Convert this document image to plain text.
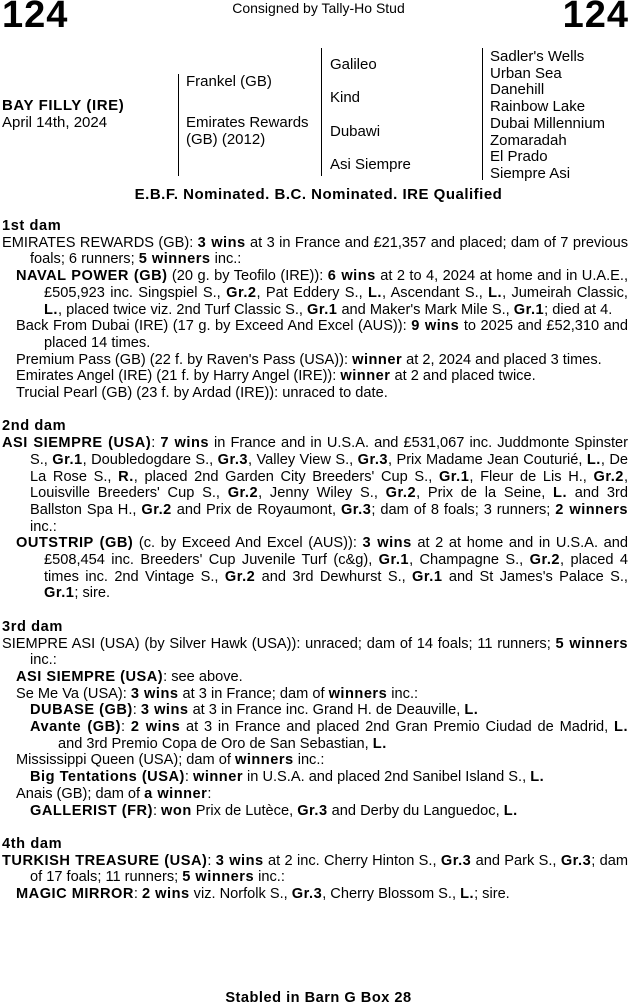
124	Consigned by Tally-Ho Stud	124
BAY FILLY (IRE)
April 14th, 2024
Frankel (GB)
Emirates Rewards (GB) (2012)
Galileo
Kind
Dubawi
Asi Siempre
Sadler's Wells
Urban Sea
Danehill
Rainbow Lake
Dubai Millennium
Zomaradah
El Prado
Siempre Asi
E.B.F. Nominated. B.C. Nominated. IRE Qualified
1st dam
EMIRATES REWARDS (GB): 3 wins at 3 in France and £21,357 and placed; dam of 7 previous foals; 6 runners; 5 winners inc.:
NAVAL POWER (GB) (20 g. by Teofilo (IRE)): 6 wins at 2 to 4, 2024 at home and in U.A.E., £505,923 inc. Singspiel S., Gr.2, Pat Eddery S., L., Ascendant S., L., Jumeirah Classic, L., placed twice viz. 2nd Turf Classic S., Gr.1 and Maker's Mark Mile S., Gr.1; died at 4.
Back From Dubai (IRE) (17 g. by Exceed And Excel (AUS)): 9 wins to 2025 and £52,310 and placed 14 times.
Premium Pass (GB) (22 f. by Raven's Pass (USA)): winner at 2, 2024 and placed 3 times.
Emirates Angel (IRE) (21 f. by Harry Angel (IRE)): winner at 2 and placed twice.
Trucial Pearl (GB) (23 f. by Ardad (IRE)): unraced to date.
2nd dam
ASI SIEMPRE (USA): 7 wins in France and in U.S.A. and £531,067 inc. Juddmonte Spinster S., Gr.1, Doubledogdare S., Gr.3, Valley View S., Gr.3, Prix Madame Jean Couturié, L., De La Rose S., R., placed 2nd Garden City Breeders' Cup S., Gr.1, Fleur de Lis H., Gr.2, Louisville Breeders' Cup S., Gr.2, Jenny Wiley S., Gr.2, Prix de la Seine, L. and 3rd Ballston Spa H., Gr.2 and Prix de Royaumont, Gr.3; dam of 8 foals; 3 runners; 2 winners inc.:
OUTSTRIP (GB) (c. by Exceed And Excel (AUS)): 3 wins at 2 at home and in U.S.A. and £508,454 inc. Breeders' Cup Juvenile Turf (c&g), Gr.1, Champagne S., Gr.2, placed 4 times inc. 2nd Vintage S., Gr.2 and 3rd Dewhurst S., Gr.1 and St James's Palace S., Gr.1; sire.
3rd dam
SIEMPRE ASI (USA) (by Silver Hawk (USA)): unraced; dam of 14 foals; 11 runners; 5 winners inc.:
ASI SIEMPRE (USA): see above.
Se Me Va (USA): 3 wins at 3 in France; dam of winners inc.:
DUBASE (GB): 3 wins at 3 in France inc. Grand H. de Deauville, L.
Avante (GB): 2 wins at 3 in France and placed 2nd Gran Premio Ciudad de Madrid, L. and 3rd Premio Copa de Oro de San Sebastian, L.
Mississippi Queen (USA); dam of winners inc.:
Big Tentations (USA): winner in U.S.A. and placed 2nd Sanibel Island S., L.
Anais (GB); dam of a winner:
GALLERIST (FR): won Prix de Lutèce, Gr.3 and Derby du Languedoc, L.
4th dam
TURKISH TREASURE (USA): 3 wins at 2 inc. Cherry Hinton S., Gr.3 and Park S., Gr.3; dam of 17 foals; 11 runners; 5 winners inc.:
MAGIC MIRROR: 2 wins viz. Norfolk S., Gr.3, Cherry Blossom S., L.; sire.
Stabled in Barn G Box 28
